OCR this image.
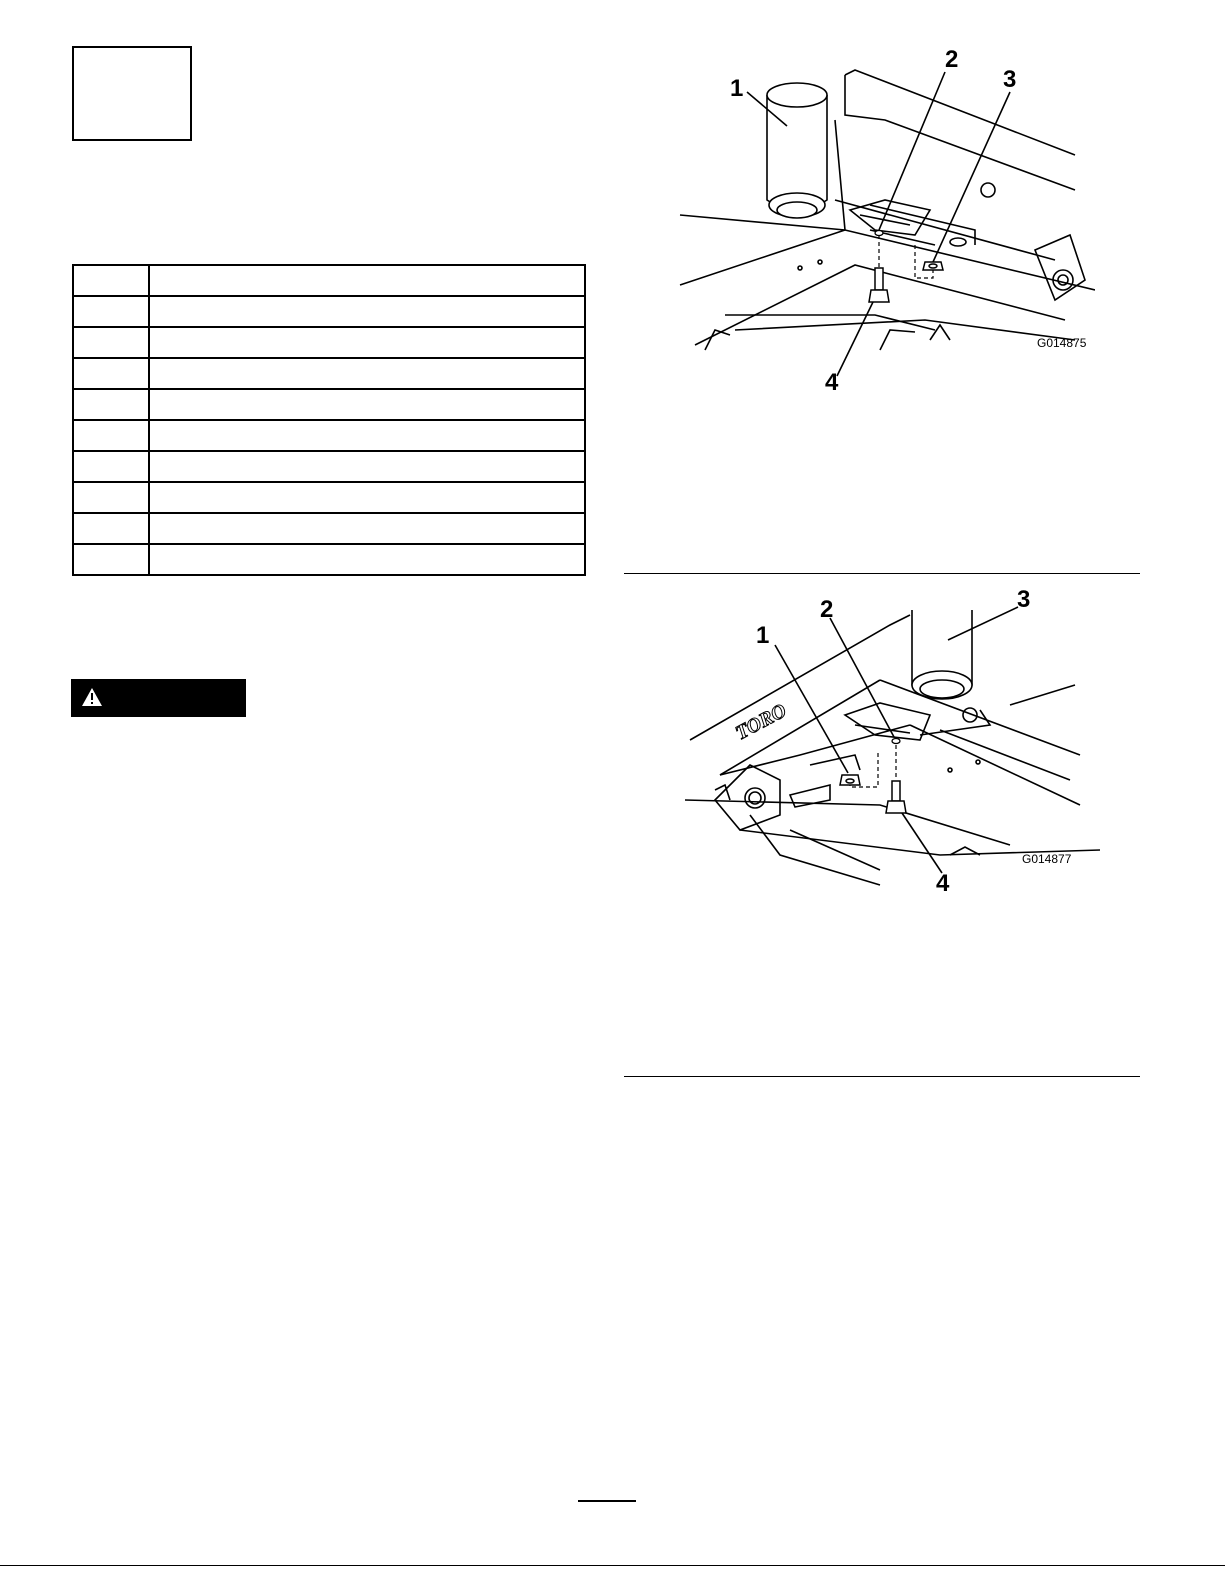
1
2
3
4
G014875
TORO
1
2	3
4
G014877
